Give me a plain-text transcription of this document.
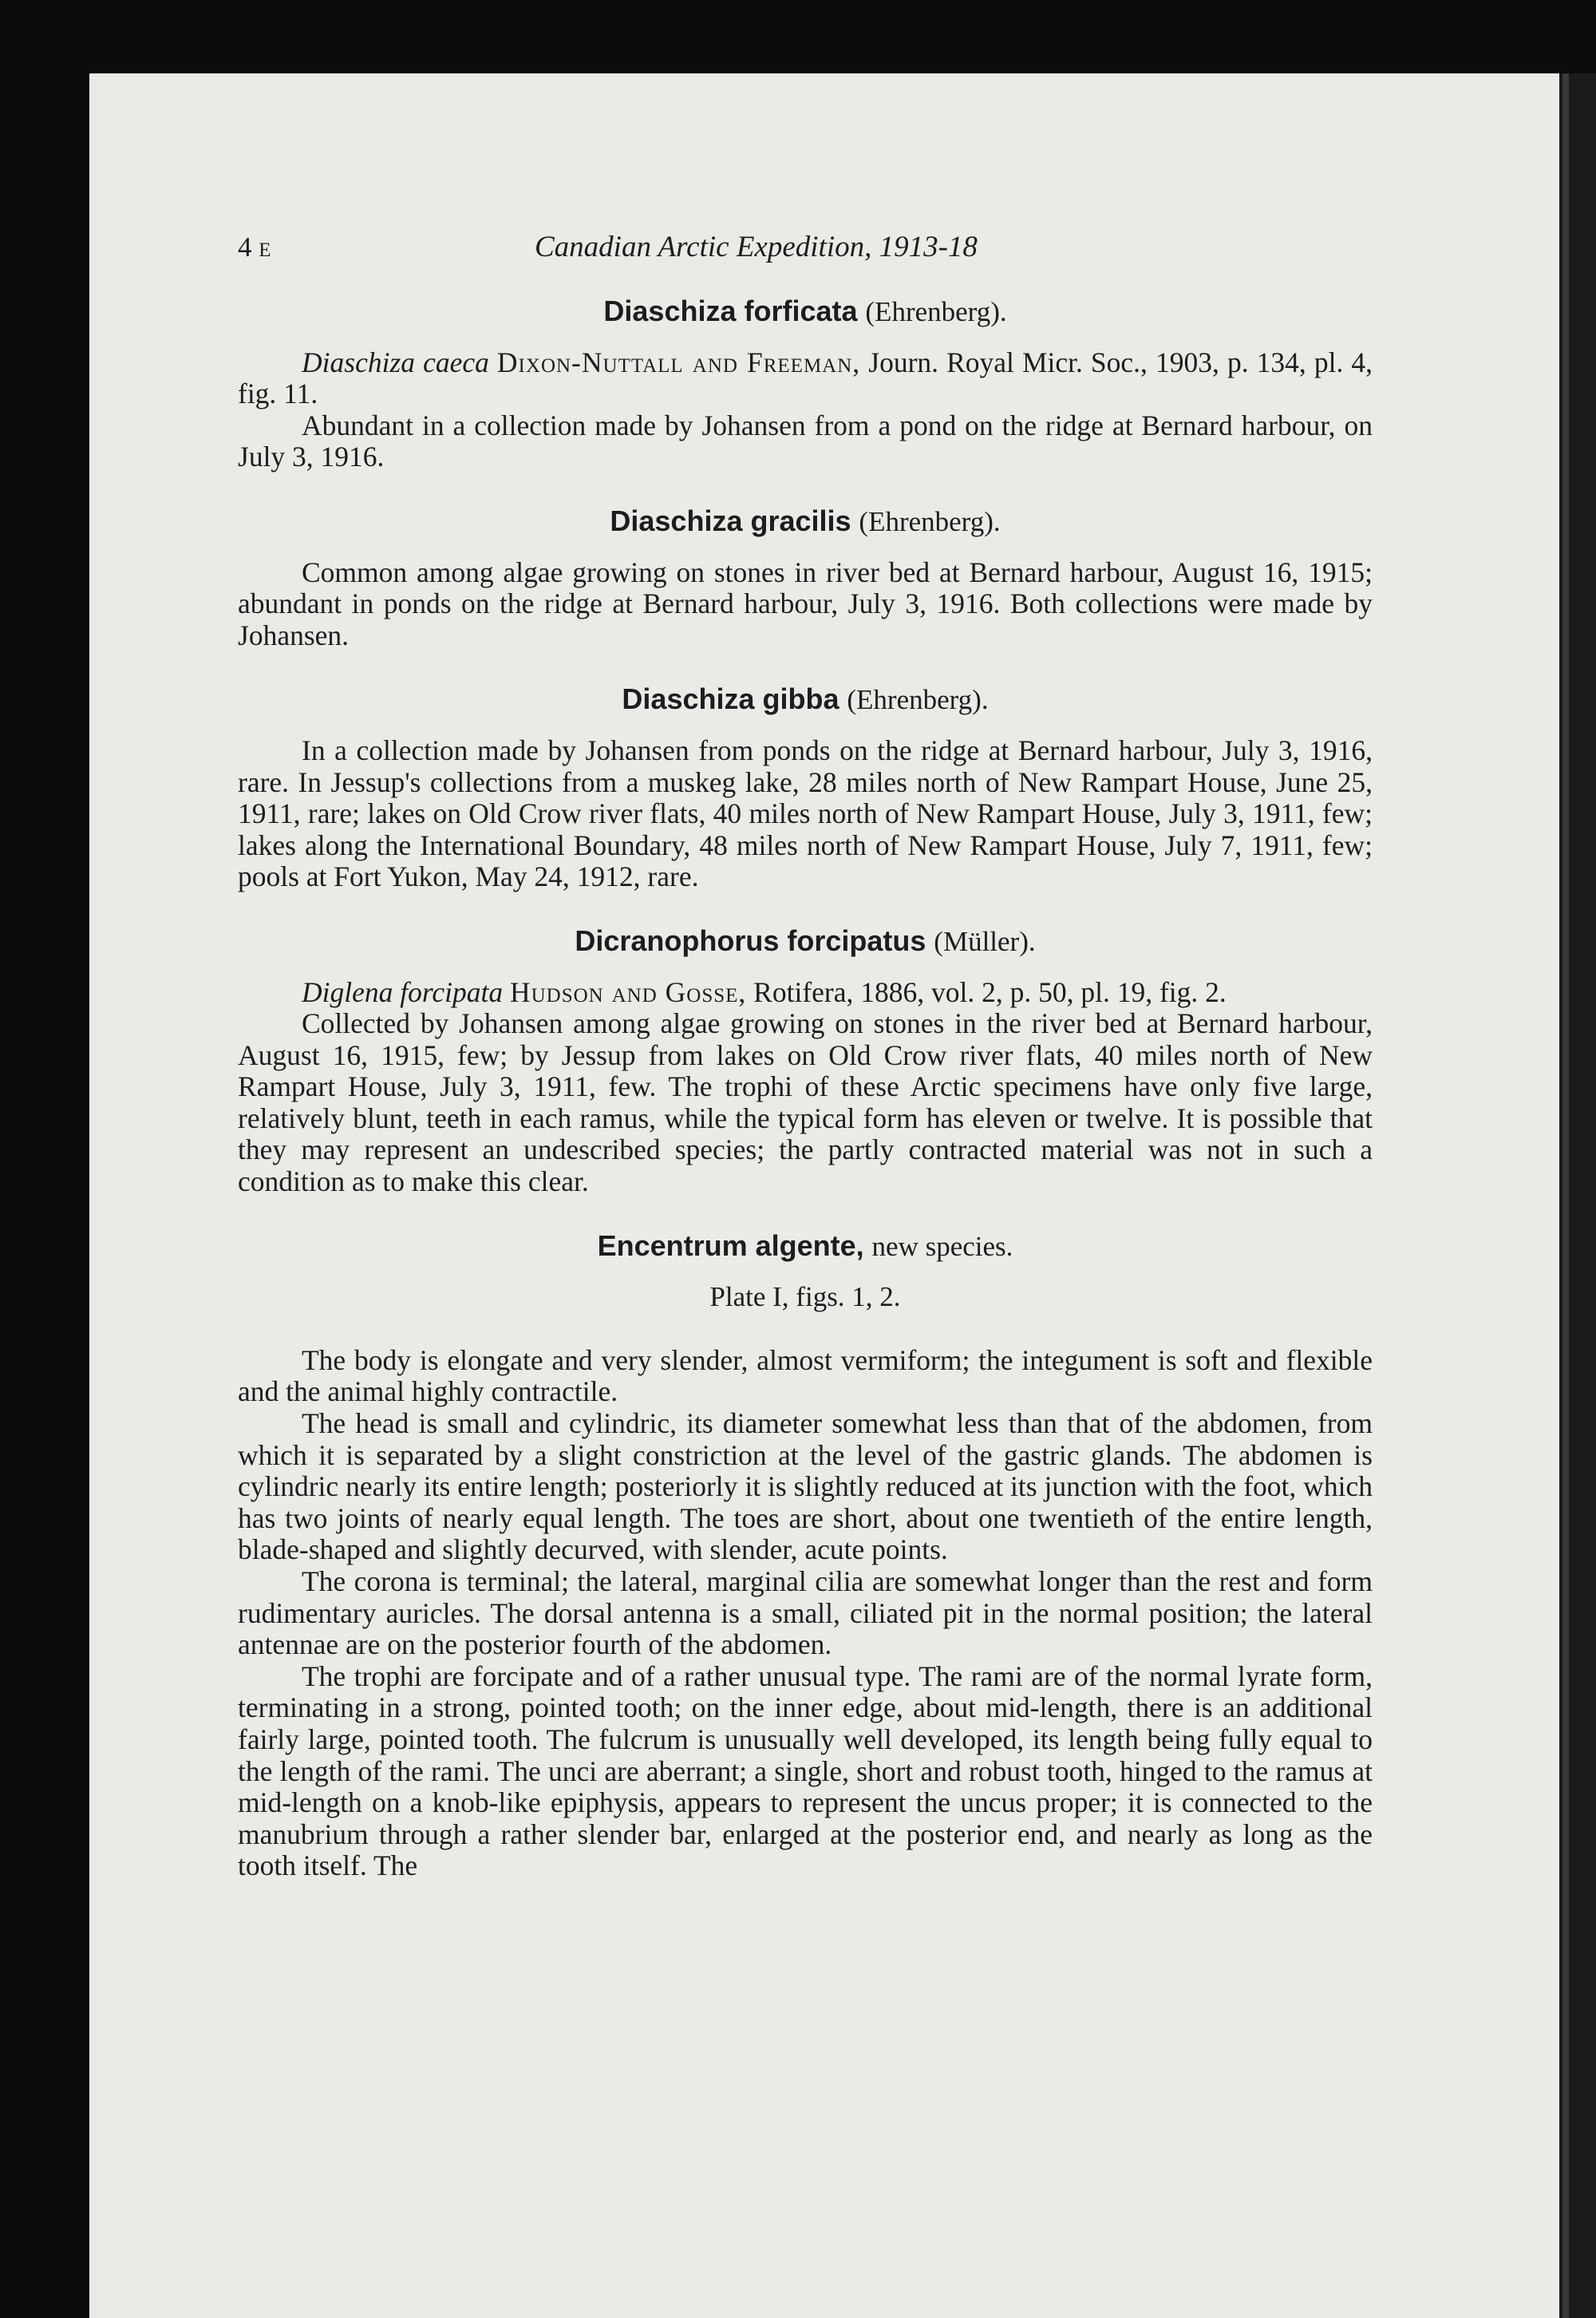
4 E	Canadian Arctic Expedition, 1913-18
Diaschiza forficata (Ehrenberg).

Diaschiza caeca Dixon-Nuttall and Freeman, Journ. Royal Micr. Soc., 1903, p. 134, pl. 4, fig. 11.

Abundant in a collection made by Johansen from a pond on the ridge at Bernard harbour, on July 3, 1916.

Diaschiza gracilis (Ehrenberg).

Common among algae growing on stones in river bed at Bernard harbour, August 16, 1915; abundant in ponds on the ridge at Bernard harbour, July 3, 1916. Both collections were made by Johansen.

Diaschiza gibba (Ehrenberg).

In a collection made by Johansen from ponds on the ridge at Bernard harbour, July 3, 1916, rare. In Jessup's collections from a muskeg lake, 28 miles north of New Rampart House, June 25, 1911, rare; lakes on Old Crow river flats, 40 miles north of New Rampart House, July 3, 1911, few; lakes along the International Boundary, 48 miles north of New Rampart House, July 7, 1911, few; pools at Fort Yukon, May 24, 1912, rare.

Dicranophorus forcipatus (Müller).

Diglena forcipata Hudson and Gosse, Rotifera, 1886, vol. 2, p. 50, pl. 19, fig. 2.

Collected by Johansen among algae growing on stones in the river bed at Bernard harbour, August 16, 1915, few; by Jessup from lakes on Old Crow river flats, 40 miles north of New Rampart House, July 3, 1911, few. The trophi of these Arctic specimens have only five large, relatively blunt, teeth in each ramus, while the typical form has eleven or twelve. It is possible that they may represent an undescribed species; the partly contracted material was not in such a condition as to make this clear.

Encentrum algente, new species.
Plate I, figs. 1, 2.

The body is elongate and very slender, almost vermiform; the integument is soft and flexible and the animal highly contractile.

The head is small and cylindric, its diameter somewhat less than that of the abdomen, from which it is separated by a slight constriction at the level of the gastric glands. The abdomen is cylindric nearly its entire length; posteriorly it is slightly reduced at its junction with the foot, which has two joints of nearly equal length. The toes are short, about one twentieth of the entire length, blade-shaped and slightly decurved, with slender, acute points.

The corona is terminal; the lateral, marginal cilia are somewhat longer than the rest and form rudimentary auricles. The dorsal antenna is a small, ciliated pit in the normal position; the lateral antennae are on the posterior fourth of the abdomen.

The trophi are forcipate and of a rather unusual type. The rami are of the normal lyrate form, terminating in a strong, pointed tooth; on the inner edge, about mid-length, there is an additional fairly large, pointed tooth. The fulcrum is unusually well developed, its length being fully equal to the length of the rami. The unci are aberrant; a single, short and robust tooth, hinged to the ramus at mid-length on a knob-like epiphysis, appears to represent the uncus proper; it is connected to the manubrium through a rather slender bar, enlarged at the posterior end, and nearly as long as the tooth itself. The
